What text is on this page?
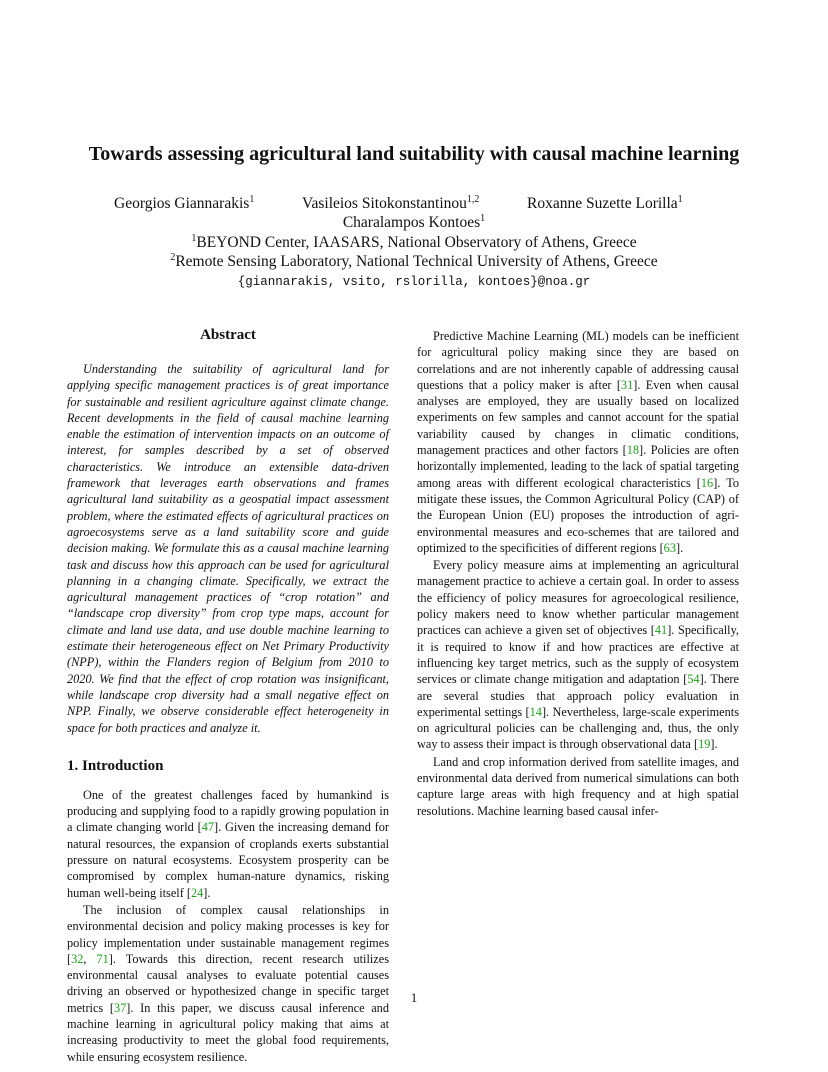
Towards assessing agricultural land suitability with causal machine learning
Georgios Giannarakis$^1$	Vasileios Sitokonstantinou$^{1,2}$	Roxanne Suzette Lorilla$^1$
Charalampos Kontoes$^1$
$^1$BEYOND Center, IAASARS, National Observatory of Athens, Greece
$^2$Remote Sensing Laboratory, National Technical University of Athens, Greece
{giannarakis, vsito, rslorilla, kontoes}@noa.gr
Abstract

Understanding the suitability of agricultural land for applying specific management practices is of great importance for sustainable and resilient agriculture against climate change. Recent developments in the field of causal machine learning enable the estimation of intervention impacts on an outcome of interest, for samples described by a set of observed characteristics. We introduce an extensible data-driven framework that leverages earth observations and frames agricultural land suitability as a geospatial impact assessment problem, where the estimated effects of agricultural practices on agroecosystems serve as a land suitability score and guide decision making. We formulate this as a causal machine learning task and discuss how this approach can be used for agricultural planning in a changing climate. Specifically, we extract the agricultural management practices of “crop rotation” and “landscape crop diversity” from crop type maps, account for climate and land use data, and use double machine learning to estimate their heterogeneous effect on Net Primary Productivity (NPP), within the Flanders region of Belgium from 2010 to 2020. We find that the effect of crop rotation was insignificant, while landscape crop diversity had a small negative effect on NPP. Finally, we observe considerable effect heterogeneity in space for both practices and analyze it.

1. Introduction

One of the greatest challenges faced by humankind is producing and supplying food to a rapidly growing population in a climate changing world [47]. Given the increasing demand for natural resources, the expansion of croplands exerts substantial pressure on natural ecosystems. Ecosystem prosperity can be compromised by complex human-nature dynamics, risking human well-being itself [24].

The inclusion of complex causal relationships in environmental decision and policy making processes is key for policy implementation under sustainable management regimes [32, 71]. Towards this direction, recent research utilizes environmental causal analyses to evaluate potential causes driving an observed or hypothesized change in specific target metrics [37]. In this paper, we discuss causal inference and machine learning in agricultural policy making that aims at increasing productivity to meet the global food requirements, while ensuring ecosystem resilience.

Predictive Machine Learning (ML) models can be inefficient for agricultural policy making since they are based on correlations and are not inherently capable of addressing causal questions that a policy maker is after [31]. Even when causal analyses are employed, they are usually based on localized experiments on few samples and cannot account for the spatial variability caused by changes in climatic conditions, management practices and other factors [18]. Policies are often horizontally implemented, leading to the lack of spatial targeting among areas with different ecological characteristics [16]. To mitigate these issues, the Common Agricultural Policy (CAP) of the European Union (EU) proposes the introduction of agri-environmental measures and eco-schemes that are tailored and optimized to the specificities of different regions [63].

Every policy measure aims at implementing an agricultural management practice to achieve a certain goal. In order to assess the efficiency of policy measures for agroecological resilience, policy makers need to know whether particular management practices can achieve a given set of objectives [41]. Specifically, it is required to know if and how practices are effective at influencing key target metrics, such as the supply of ecosystem services or climate change mitigation and adaptation [54]. There are several studies that approach policy evaluation in experimental settings [14]. Nevertheless, large-scale experiments on agricultural policies can be challenging and, thus, the only way to assess their impact is through observational data [19].

Land and crop information derived from satellite images, and environmental data derived from numerical simulations can both capture large areas with high frequency and at high spatial resolutions. Machine learning based causal infer-

1
